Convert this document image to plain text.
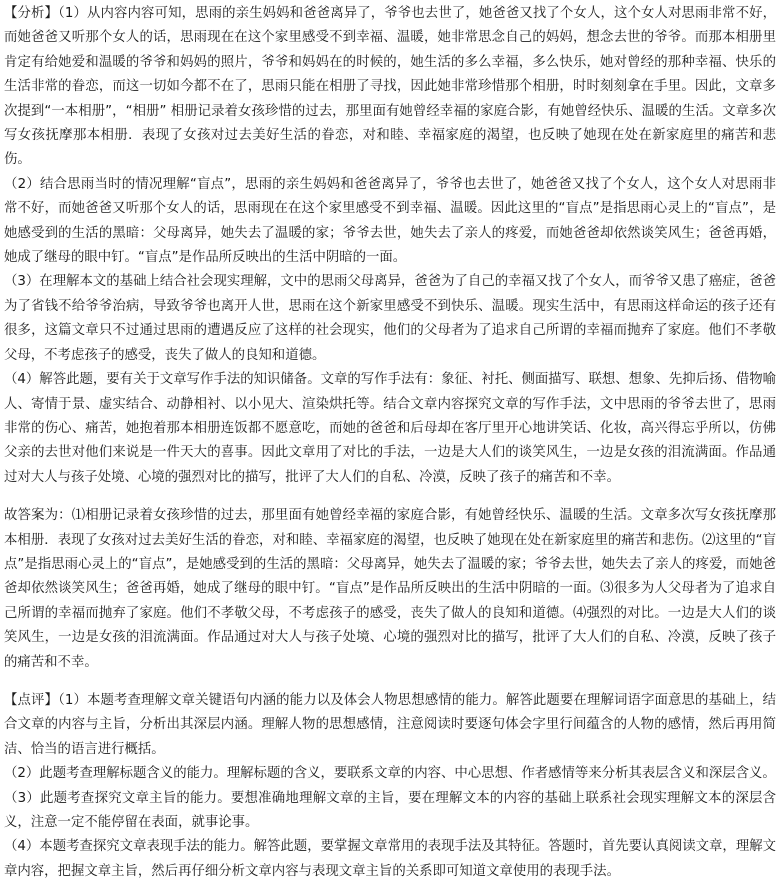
【分析】（1）从内容内容可知，思雨的亲生妈妈和爸爸离异了，爷爷也去世了，她爸爸又找了个女人，这个女人对思雨非常不好，而她爸爸又听那个女人的话，思雨现在在这个家里感受不到幸福、温暖，她非常思念自己的妈妈，想念去世的爷爷。而那本相册里肯定有给她爱和温暖的爷爷和妈妈的照片，爷爷和妈妈在的时候的，她生活的多么幸福，多么快乐，她对曾经的那种幸福、快乐的生活非常的眷恋，而这一切如今都不在了，思雨只能在相册了寻找，因此她非常珍惜那个相册，时时刻刻拿在手里。因此，文章多次提到“一本相册”，“相册” 相册记录着女孩珍惜的过去，那里面有她曾经幸福的家庭合影，有她曾经快乐、温暖的生活。文章多次写女孩抚摩那本相册．表现了女孩对过去美好生活的眷恋，对和睦、幸福家庭的渴望，也反映了她现在处在新家庭里的痛苦和悲伤。

（2）结合思雨当时的情况理解“盲点”，思雨的亲生妈妈和爸爸离异了，爷爷也去世了，她爸爸又找了个女人，这个女人对思雨非常不好，而她爸爸又听那个女人的话，思雨现在在这个家里感受不到幸福、温暖。因此这里的“盲点”是指思雨心灵上的“盲点”，是她感受到的生活的黑暗：父母离异，她失去了温暖的家；爷爷去世，她失去了亲人的疼爱，而她爸爸却依然谈笑风生；爸爸再婚，她成了继母的眼中钉。“盲点”是作品所反映出的生活中阴暗的一面。

（3）在理解本文的基础上结合社会现实理解，文中的思雨父母离异，爸爸为了自己的幸福又找了个女人，而爷爷又患了癌症，爸爸为了省钱不给爷爷治病，导致爷爷也离开人世，思雨在这个新家里感受不到快乐、温暖。现实生活中，有思雨这样命运的孩子还有很多，这篇文章只不过通过思雨的遭遇反应了这样的社会现实，他们的父母者为了追求自己所谓的幸福而抛弃了家庭。他们不孝敬父母，不考虑孩子的感受，丧失了做人的良知和道德。

（4）解答此题，要有关于文章写作手法的知识储备。文章的写作手法有：象征、衬托、侧面描写、联想、想象、先抑后扬、借物喻人、寄情于景、虚实结合、动静相衬、以小见大、渲染烘托等。结合文章内容探究文章的写作手法，文中思雨的爷爷去世了，思雨非常的伤心、痛苦，她抱着那本相册连饭都不愿意吃，而她的爸爸和后母却在客厅里开心地讲笑话、化妆，高兴得忘乎所以，仿佛父亲的去世对他们来说是一件天大的喜事。因此文章用了对比的手法，一边是大人们的谈笑风生，一边是女孩的泪流满面。作品通过对大人与孩子处境、心境的强烈对比的描写，批评了大人们的自私、冷漠，反映了孩子的痛苦和不幸。

故答案为：⑴相册记录着女孩珍惜的过去，那里面有她曾经幸福的家庭合影，有她曾经快乐、温暖的生活。文章多次写女孩抚摩那本相册．表现了女孩对过去美好生活的眷恋，对和睦、幸福家庭的渴望，也反映了她现在处在新家庭里的痛苦和悲伤。⑵这里的“盲点”是指思雨心灵上的“盲点”，是她感受到的生活的黑暗：父母离异，她失去了温暖的家；爷爷去世，她失去了亲人的疼爱，而她爸爸却依然谈笑风生；爸爸再婚，她成了继母的眼中钉。“盲点”是作品所反映出的生活中阴暗的一面。⑶很多为人父母者为了追求自己所谓的幸福而抛弃了家庭。他们不孝敬父母，不考虑孩子的感受，丧失了做人的良知和道德。⑷强烈的对比。一边是大人们的谈笑风生，一边是女孩的泪流满面。作品通过对大人与孩子处境、心境的强烈对比的描写，批评了大人们的自私、冷漠，反映了孩子的痛苦和不幸。

【点评】（1）本题考查理解文章关键语句内涵的能力以及体会人物思想感情的能力。解答此题要在理解词语字面意思的基础上，结合文章的内容与主旨，分析出其深层内涵。理解人物的思想感情，注意阅读时要逐句体会字里行间蕴含的人物的感情，然后再用简洁、恰当的语言进行概括。

（2）此题考查理解标题含义的能力。理解标题的含义，要联系文章的内容、中心思想、作者感情等来分析其表层含义和深层含义。

（3）此题考查探究文章主旨的能力。要想准确地理解文章的主旨，要在理解文本的内容的基础上联系社会现实理解文本的深层含义，注意一定不能停留在表面，就事论事。

（4）本题考查探究文章表现手法的能力。解答此题，要掌握文章常用的表现手法及其特征。答题时，首先要认真阅读文章，理解文章内容，把握文章主旨，然后再仔细分析文章内容与表现文章主旨的关系即可知道文章使用的表现手法。
